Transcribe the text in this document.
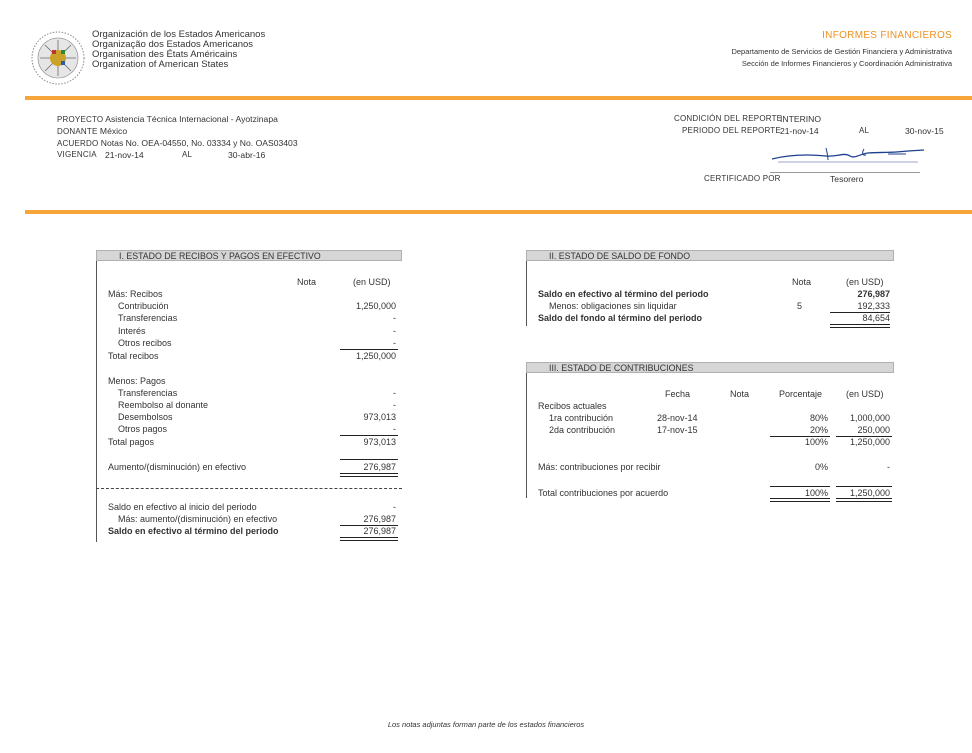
Organización de los Estados Americanos
Organização dos Estados Americanos
Organisation des États Américains
Organization of American States
INFORMES FINANCIEROS
Departamento de Servicios de Gestión Financiera y Administrativa
Sección de Informes Financieros y Coordinación Administrativa
PROYECTO Asistencia Técnica Internacional - Ayotzinapa
DONANTE México
ACUERDO Notas No. OEA-04550, No. 03334 y No. OAS03403
VIGENCIA 21-nov-14	AL	30-abr-16
CONDICIÓN DEL REPORTE
INTERINO
PERIODO DEL REPORTE 21-nov-14	AL	30-nov-15
CERTIFICADO POR	Tesorero
I. ESTADO DE RECIBOS Y PAGOS EN EFECTIVO
Nota	(en USD)
Más: Recibos
Contribución	1,250,000
Transferencias	-
Interés	-
Otros recibos	-
Total recibos	1,250,000
Menos: Pagos
Transferencias	-
Reembolso al donante	-
Desembolsos	973,013
Otros pagos	-
Total pagos	973,013
Aumento/(disminución) en efectivo	276,987
Saldo en efectivo al inicio del periodo	-
Más: aumento/(disminución) en efectivo	276,987
Saldo en efectivo al término del periodo	276,987
II. ESTADO DE SALDO DE FONDO
Nota	(en USD)
Saldo en efectivo al término del periodo	276,987
Menos: obligaciones sin liquidar	5	192,333
Saldo del fondo al término del periodo	84,654
III. ESTADO DE CONTRIBUCIONES
Fecha	Nota	Porcentaje	(en USD)
Recibos actuales
1ra contribución	28-nov-14	80% 1,000,000
2da contribución	17-nov-15	20%	250,000
100% 1,250,000
Más: contribuciones por recibir	0%	-
Total contribuciones por acuerdo	100% 1,250,000
Los notas adjuntas forman parte de los estados financieros
